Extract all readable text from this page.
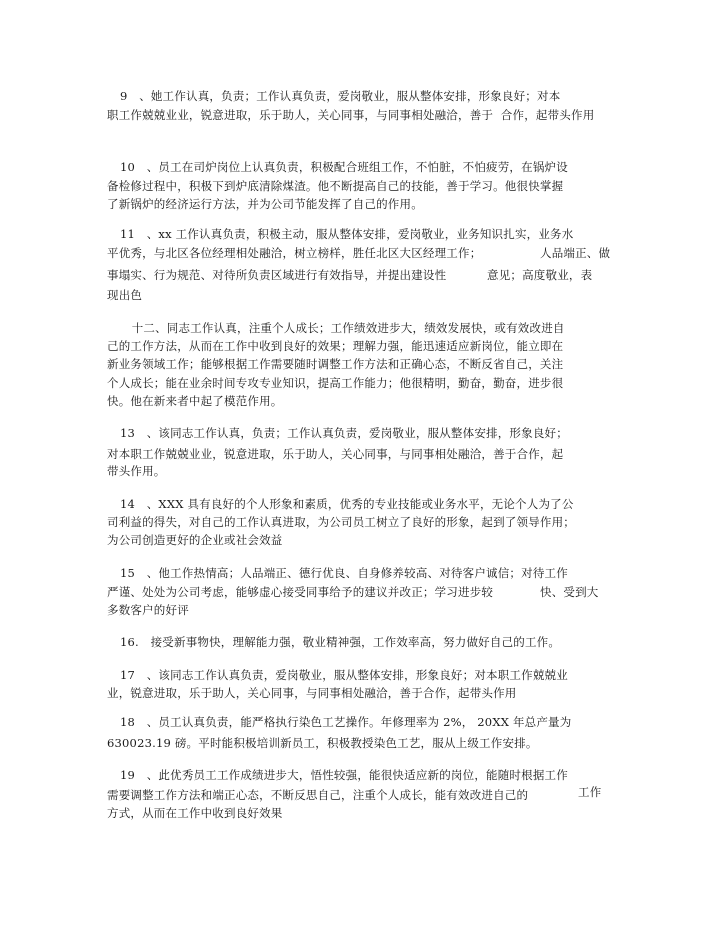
9　、她工作认真，负责；工作认真负责，爱岗敬业，服从整体安排，形象良好；对本
职工作兢兢业业，锐意进取，乐于助人，关心同事，与同事相处融洽，善于  合作，起带头作用
10　、员工在司炉岗位上认真负责，积极配合班组工作，不怕脏，不怕疲劳，在锅炉设
备检修过程中，积极下到炉底清除煤渣。他不断提高自己的技能，善于学习。他很快掌握
了新锅炉的经济运行方法，并为公司节能发挥了自己的作用。
11　、xx 工作认真负责，积极主动，服从整体安排，爱岗敬业，业务知识扎实，业务水
平优秀，与北区各位经理相处融洽，树立榜样，胜任北区大区经理工作；	人品端正、做
事塌实、行为规范、对待所负责区域进行有效指导，并提出建设性	意见；高度敬业，表
现出色
　十二、同志工作认真，注重个人成长；工作绩效进步大，绩效发展快，或有效改进自
己的工作方法，从而在工作中收到良好的效果；理解力强，能迅速适应新岗位，能立即在
新业务领域工作；能够根据工作需要随时调整工作方法和正确心态，不断反省自己，关注
个人成长；能在业余时间专攻专业知识，提高工作能力；他很精明，勤奋，勤奋，进步很
快。他在新来者中起了模范作用。
13　、该同志工作认真，负责；工作认真负责，爱岗敬业，服从整体安排，形象良好；
对本职工作兢兢业业，锐意进取，乐于助人，关心同事，与同事相处融洽，善于合作，起
带头作用。
14　、XXX 具有良好的个人形象和素质，优秀的专业技能或业务水平，无论个人为了公
司利益的得失，对自己的工作认真进取，为公司员工树立了良好的形象，起到了领导作用；
为公司创造更好的企业或社会效益
15　、他工作热情高；人品端正、德行优良、自身修养较高、对待客户诚信；对待工作
严谨、处处为公司考虑，能够虚心接受同事给予的建议并改正；学习进步较	快、受到大
多数客户的好评
16.　接受新事物快，理解能力强，敬业精神强，工作效率高，努力做好自己的工作。
17　、该同志工作认真负责，爱岗敬业，服从整体安排，形象良好；对本职工作兢兢业
业，锐意进取，乐于助人，关心同事，与同事相处融洽，善于合作，起带头作用
18　、员工认真负责，能严格执行染色工艺操作。年修理率为 2%， 20XX 年总产量为
630023.19 磅。平时能积极培训新员工，积极教授染色工艺，服从上级工作安排。
19　、此优秀员工工作成绩进步大，悟性较强，能很快适应新的岗位，能随时根据工作
需要调整工作方法和端正心态，不断反思自己，注重个人成长，能有效改进自己的	工作
方式，从而在工作中收到良好效果
